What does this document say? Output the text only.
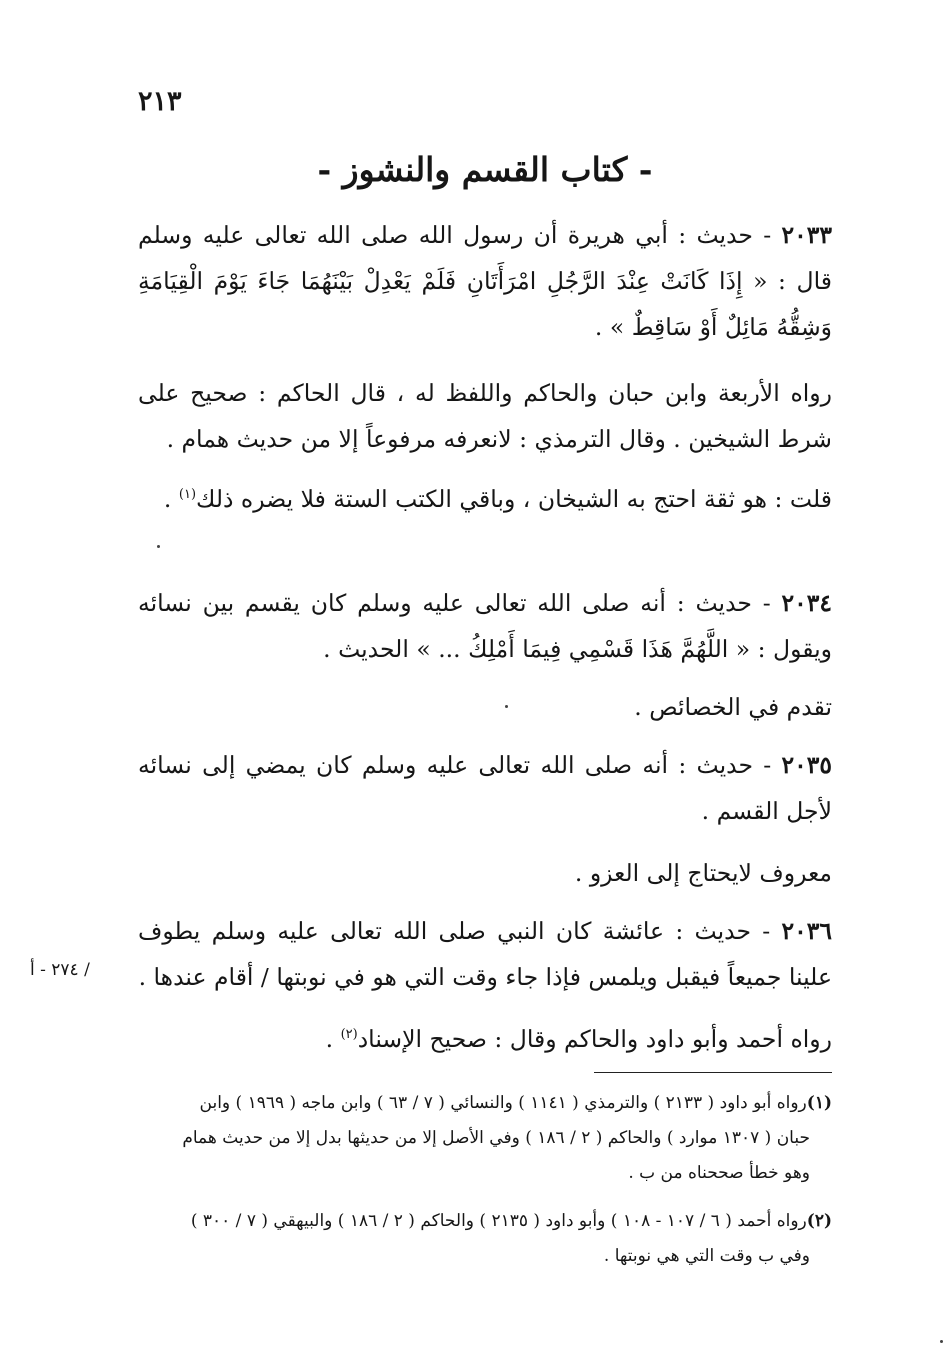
٢١٣
- كتاب القسم والنشوز -
٢٠٣٣ - حديث : أبي هريرة أن رسول الله صلى الله تعالى عليه وسلم قال : « إِذَا كَانَتْ عِنْدَ الرَّجُلِ امْرَأَتَانِ فَلَمْ يَعْدِلْ بَيْنَهُمَا جَاءَ يَوْمَ الْقِيَامَةِ وَشِقُّهُ مَائِلٌ أَوْ سَاقِطٌ » .
رواه الأربعة وابن حبان والحاكم واللفظ له ، قال الحاكم : صحيح على شرط الشيخين . وقال الترمذي : لانعرفه مرفوعاً إلا من حديث همام .
قلت : هو ثقة احتج به الشيخان ، وباقي الكتب الستة فلا يضره ذلك$^{(١)}$ .
٢٠٣٤ - حديث : أنه صلى الله تعالى عليه وسلم كان يقسم بين نسائه ويقول : « اللَّهُمَّ هَذَا قَسْمِي فِيمَا أَمْلِكُ ... » الحديث .
تقدم في الخصائص .
٢٠٣٥ - حديث : أنه صلى الله تعالى عليه وسلم كان يمضي إلى نسائه لأجل القسم .
معروف لايحتاج إلى العزو .
٢٠٣٦ - حديث : عائشة كان النبي صلى الله تعالى عليه وسلم يطوف علينا جميعاً فيقبل ويلمس فإذا جاء وقت التي هو في نوبتها / أقام عندها .
رواه أحمد وأبو داود والحاكم وقال : صحيح الإسناد$^{(٢)}$ .
/ ٢٧٤ - أ
(١)رواه أبو داود ( ٢١٣٣ ) والترمذي ( ١١٤١ ) والنسائي ( ٧ / ٦٣ ) وابن ماجه ( ١٩٦٩ ) وابن
حبان ( ١٣٠٧ موارد ) والحاكم ( ٢ / ١٨٦ ) وفي الأصل إلا من حديثها بدل إلا من حديث همام
وهو خطأ صححناه من ب .
(٢)رواه أحمد ( ٦ / ١٠٧ - ١٠٨ ) وأبو داود ( ٢١٣٥ ) والحاكم ( ٢ / ١٨٦ ) والبيهقي ( ٧ / ٣٠٠ )
وفي ب وقت التي هي نوبتها .
